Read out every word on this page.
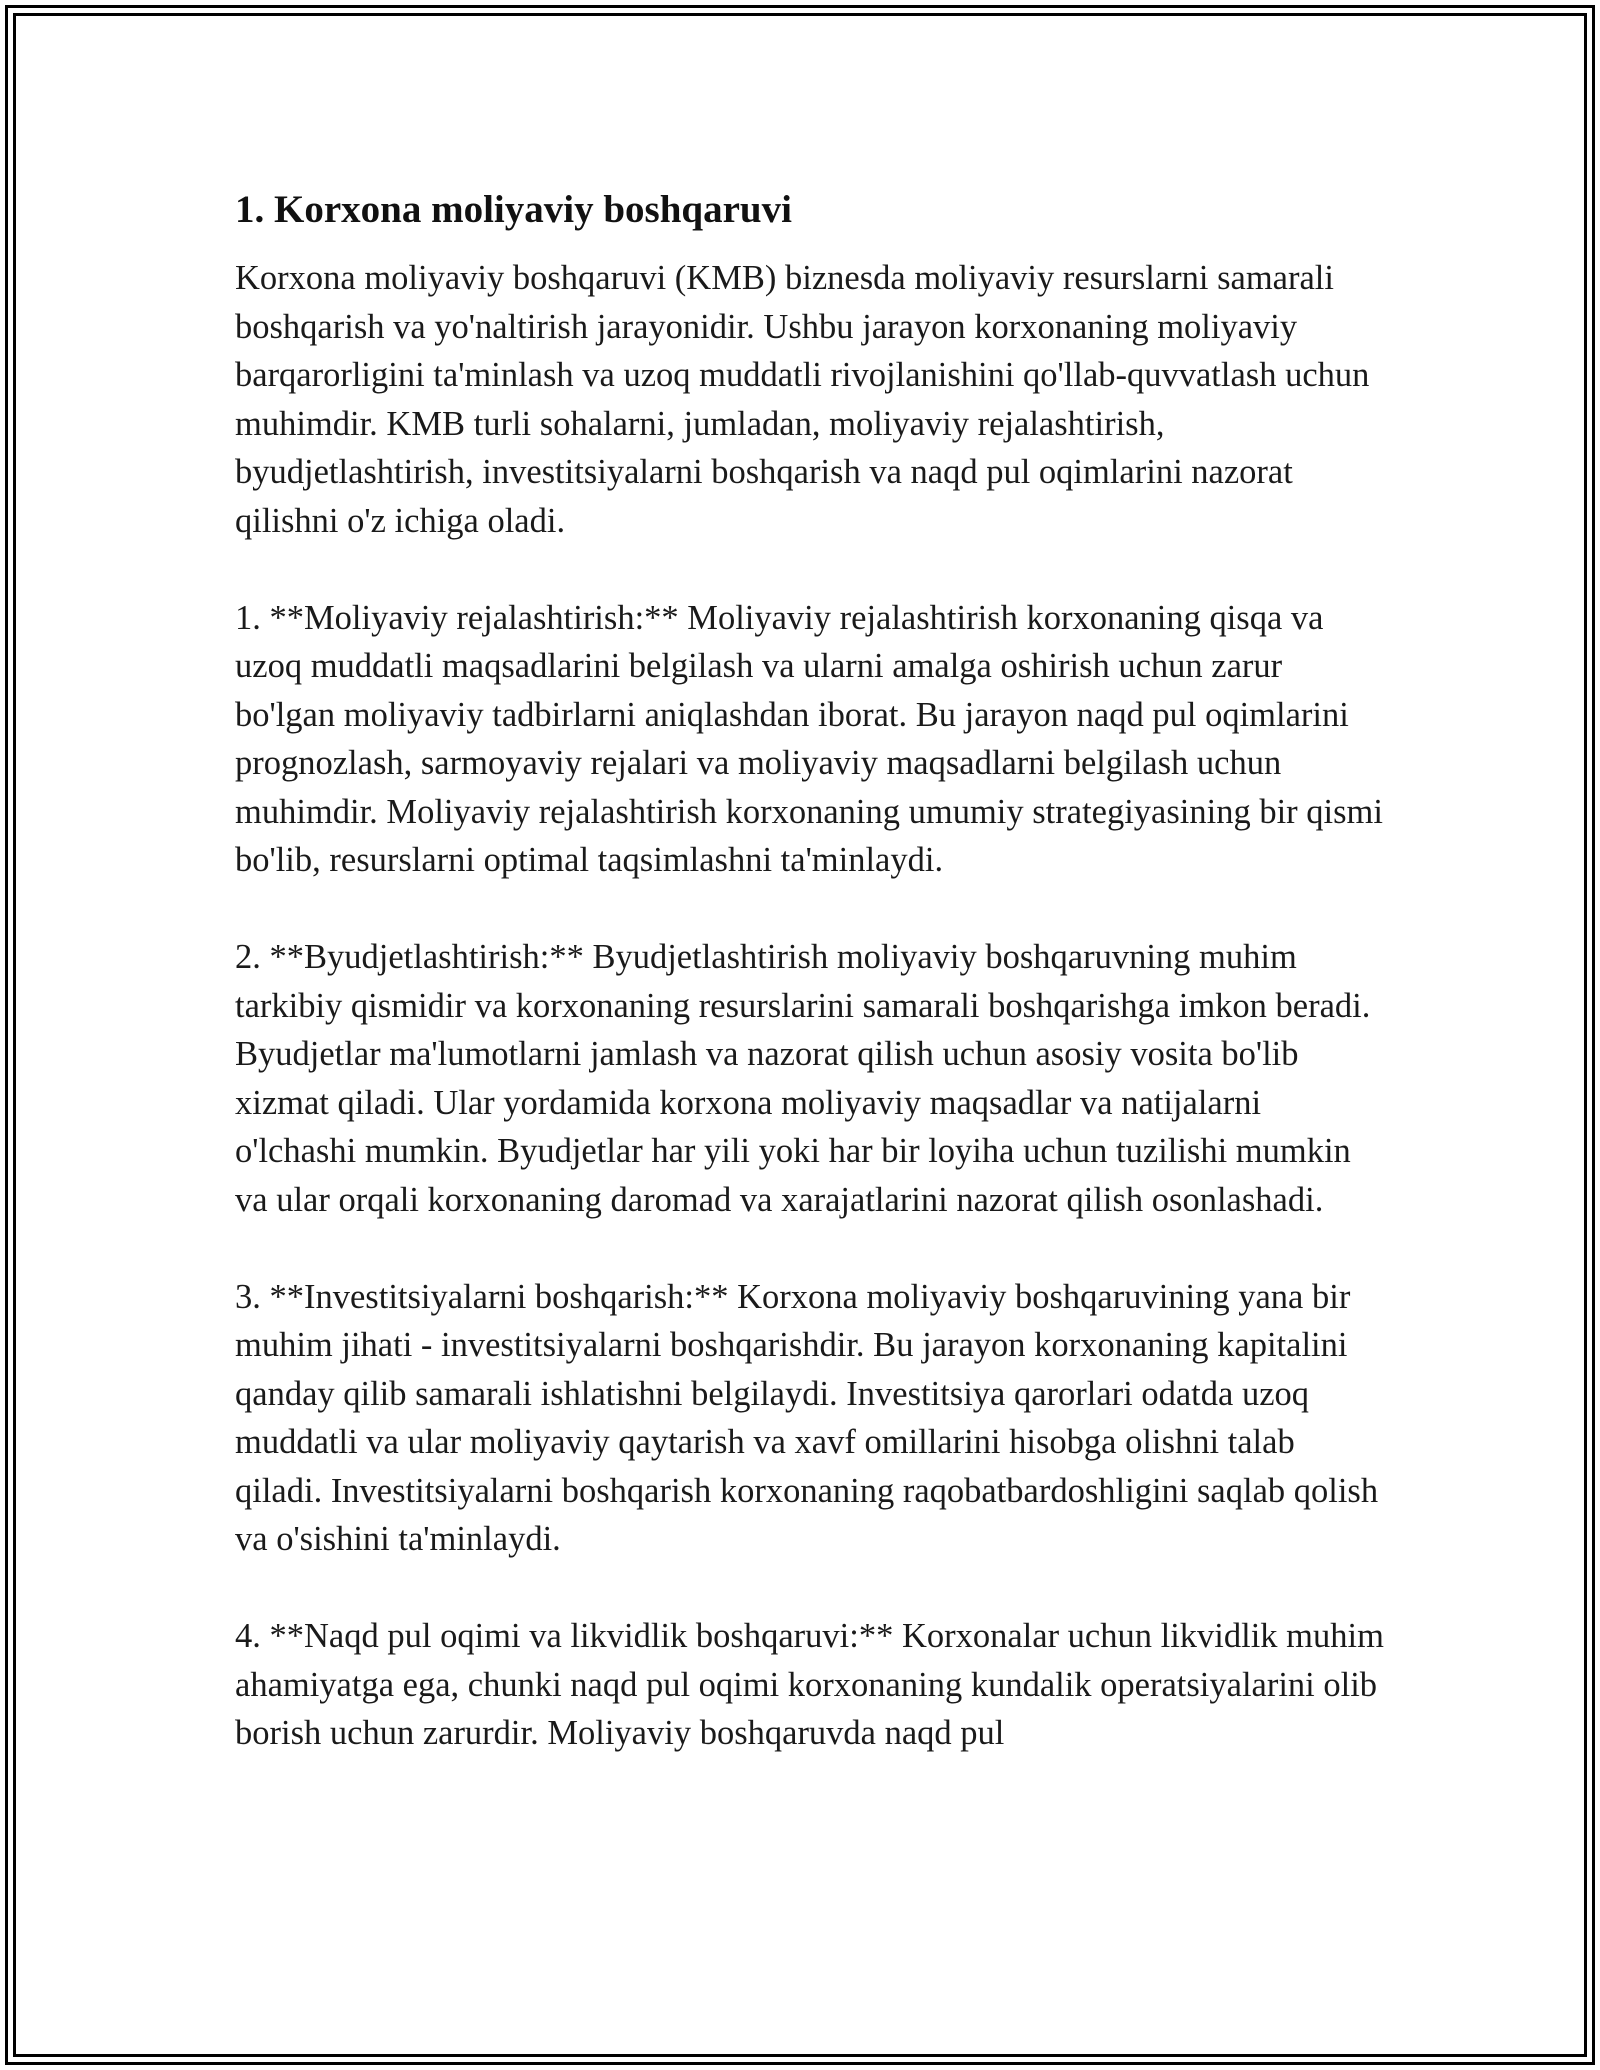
1. Korxona moliyaviy boshqaruvi

Korxona moliyaviy boshqaruvi (KMB) biznesda moliyaviy resurslarni samarali boshqarish va yo'naltirish jarayonidir. Ushbu jarayon korxonaning moliyaviy barqarorligini ta'minlash va uzoq muddatli rivojlanishini qo'llab-quvvatlash uchun muhimdir. KMB turli sohalarni, jumladan, moliyaviy rejalashtirish, byudjetlashtirish, investitsiyalarni boshqarish va naqd pul oqimlarini nazorat qilishni o'z ichiga oladi.

1. **Moliyaviy rejalashtirish:** Moliyaviy rejalashtirish korxonaning qisqa va uzoq muddatli maqsadlarini belgilash va ularni amalga oshirish uchun zarur bo'lgan moliyaviy tadbirlarni aniqlashdan iborat. Bu jarayon naqd pul oqimlarini prognozlash, sarmoyaviy rejalari va moliyaviy maqsadlarni belgilash uchun muhimdir. Moliyaviy rejalashtirish korxonaning umumiy strategiyasining bir qismi bo'lib, resurslarni optimal taqsimlashni ta'minlaydi.

2. **Byudjetlashtirish:** Byudjetlashtirish moliyaviy boshqaruvning muhim tarkibiy qismidir va korxonaning resurslarini samarali boshqarishga imkon beradi. Byudjetlar ma'lumotlarni jamlash va nazorat qilish uchun asosiy vosita bo'lib xizmat qiladi. Ular yordamida korxona moliyaviy maqsadlar va natijalarni o'lchashi mumkin. Byudjetlar har yili yoki har bir loyiha uchun tuzilishi mumkin va ular orqali korxonaning daromad va xarajatlarini nazorat qilish osonlashadi.

3. **Investitsiyalarni boshqarish:** Korxona moliyaviy boshqaruvining yana bir muhim jihati - investitsiyalarni boshqarishdir. Bu jarayon korxonaning kapitalini qanday qilib samarali ishlatishni belgilaydi. Investitsiya qarorlari odatda uzoq muddatli va ular moliyaviy qaytarish va xavf omillarini hisobga olishni talab qiladi. Investitsiyalarni boshqarish korxonaning raqobatbardoshligini saqlab qolish va o'sishini ta'minlaydi.

4. **Naqd pul oqimi va likvidlik boshqaruvi:** Korxonalar uchun likvidlik muhim ahamiyatga ega, chunki naqd pul oqimi korxonaning kundalik operatsiyalarini olib borish uchun zarurdir. Moliyaviy boshqaruvda naqd pul
